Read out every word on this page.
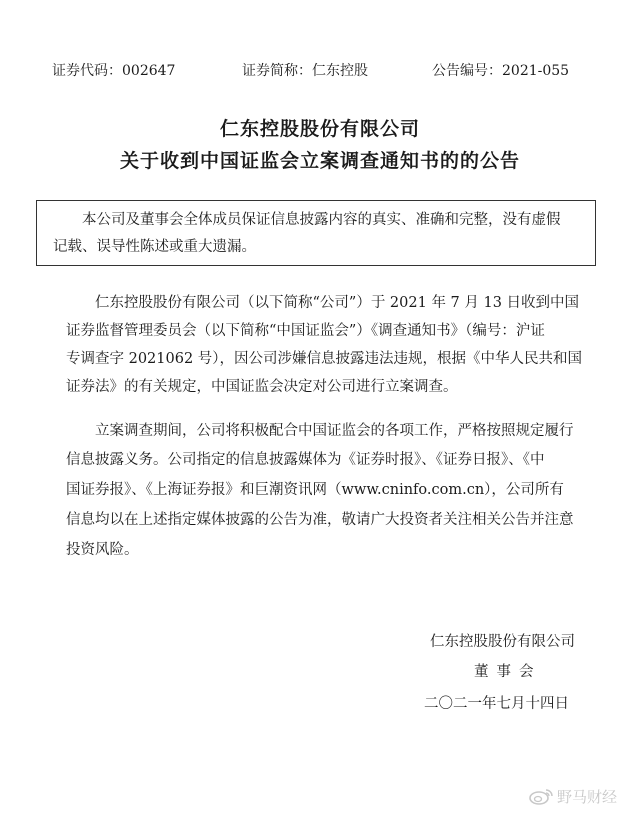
证券代码：002647	证券简称：仁东控股	公告编号：2021-055
仁东控股股份有限公司
关于收到中国证监会立案调查通知书的的公告
本公司及董事会全体成员保证信息披露内容的真实、准确和完整，没有虚假
记载、误导性陈述或重大遗漏。
仁东控股股份有限公司（以下简称“公司”）于 2021 年 7 月 13 日收到中国
证券监督管理委员会（以下简称“中国证监会”）《调查通知书》（编号：沪证
专调查字 2021062 号），因公司涉嫌信息披露违法违规，根据《中华人民共和国
证券法》的有关规定，中国证监会决定对公司进行立案调查。
立案调查期间，公司将积极配合中国证监会的各项工作，严格按照规定履行
信息披露义务。公司指定的信息披露媒体为《证券时报》、《证券日报》、《中
国证券报》、《上海证券报》和巨潮资讯网（www.cninfo.com.cn），公司所有
信息均以在上述指定媒体披露的公告为准，敬请广大投资者关注相关公告并注意
投资风险。
仁东控股股份有限公司
董事会
二〇二一年七月十四日
野马财经
